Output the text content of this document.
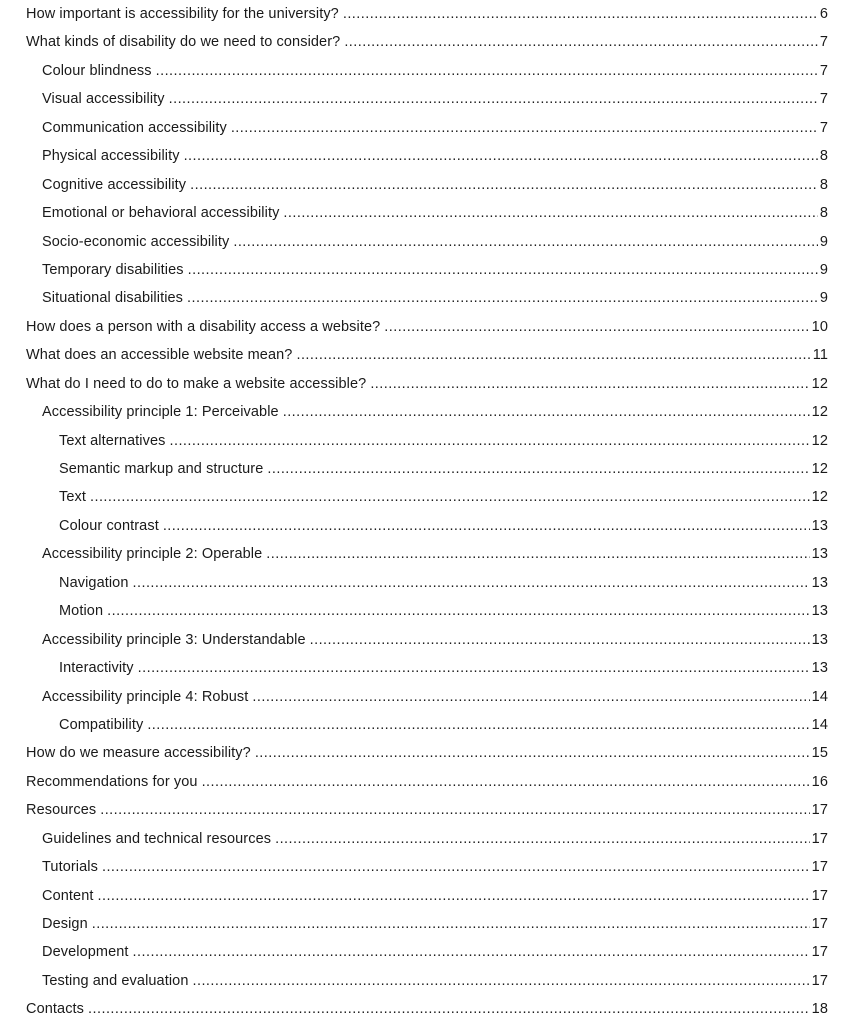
How important is accessibility for the university? .....	6
What kinds of disability do we need to consider? .....	7
Colour blindness .....	7
Visual accessibility .....	7
Communication accessibility .....	7
Physical accessibility .....	8
Cognitive accessibility .....	8
Emotional or behavioral accessibility .....	8
Socio-economic accessibility .....	9
Temporary disabilities .....	9
Situational disabilities .....	9
How does a person with a disability access a website? .....	10
What does an accessible website mean? .....	11
What do I need to do to make a website accessible? .....	12
Accessibility principle 1: Perceivable .....	12
Text alternatives .....	12
Semantic markup and structure .....	12
Text .....	12
Colour contrast .....	13
Accessibility principle 2: Operable .....	13
Navigation .....	13
Motion .....	13
Accessibility principle 3: Understandable .....	13
Interactivity .....	13
Accessibility principle 4: Robust .....	14
Compatibility .....	14
How do we measure accessibility? .....	15
Recommendations for you .....	16
Resources .....	17
Guidelines and technical resources .....	17
Tutorials .....	17
Content .....	17
Design .....	17
Development .....	17
Testing and evaluation .....	17
Contacts .....	18
